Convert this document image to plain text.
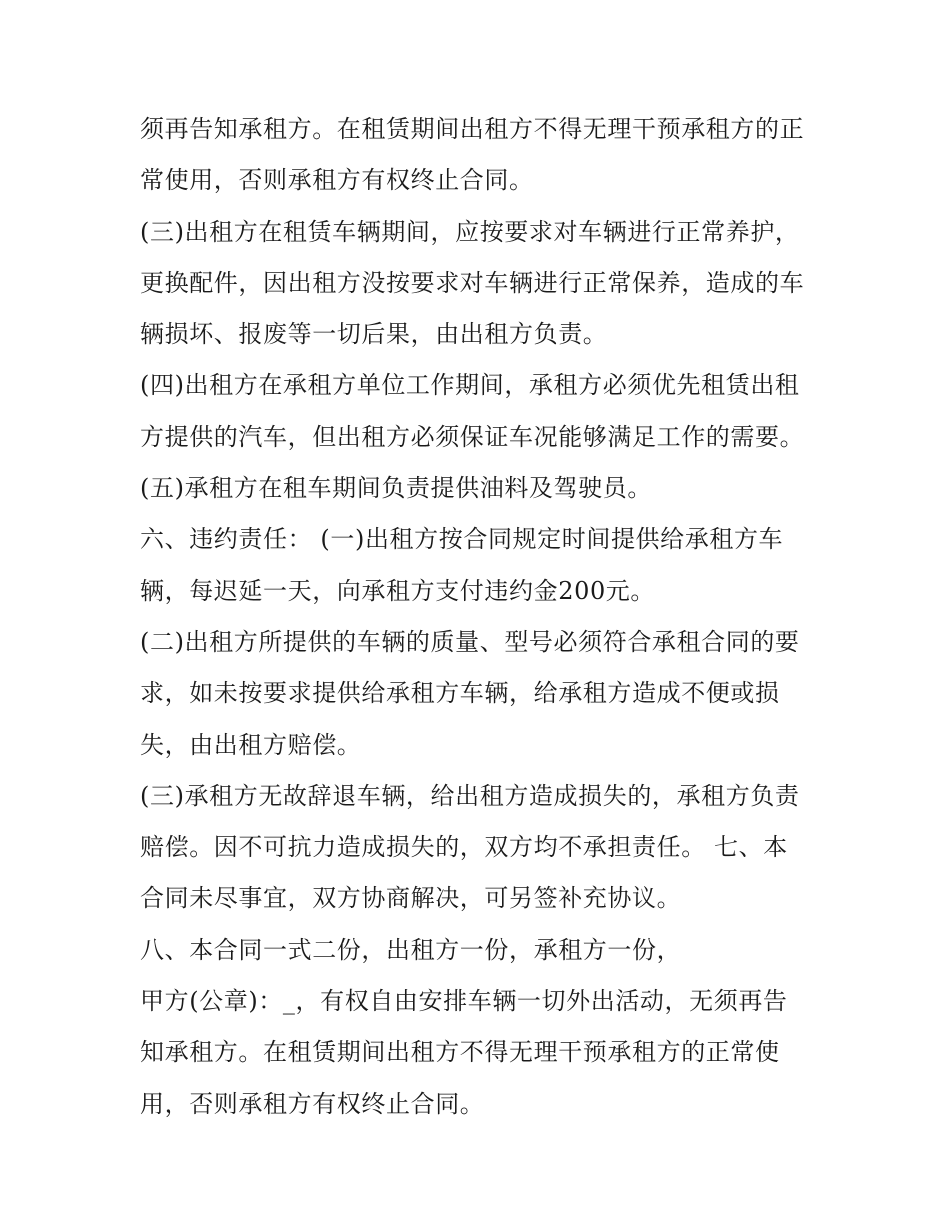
须再告知承租方。在租赁期间出租方不得无理干预承租方的正
常使用，否则承租方有权终止合同。
(三)出租方在租赁车辆期间，应按要求对车辆进行正常养护，
更换配件，因出租方没按要求对车辆进行正常保养，造成的车
辆损坏、报废等一切后果，由出租方负责。
(四)出租方在承租方单位工作期间，承租方必须优先租赁出租
方提供的汽车，但出租方必须保证车况能够满足工作的需要。
(五)承租方在租车期间负责提供油料及驾驶员。
六、违约责任： (一)出租方按合同规定时间提供给承租方车
辆，每迟延一天，向承租方支付违约金200元。
(二)出租方所提供的车辆的质量、型号必须符合承租合同的要
求，如未按要求提供给承租方车辆，给承租方造成不便或损
失，由出租方赔偿。
(三)承租方无故辞退车辆，给出租方造成损失的，承租方负责
赔偿。因不可抗力造成损失的，双方均不承担责任。 七、本
合同未尽事宜，双方协商解决，可另签补充协议。
八、本合同一式二份，出租方一份，承租方一份，
甲方(公章)：_，有权自由安排车辆一切外出活动，无须再告
知承租方。在租赁期间出租方不得无理干预承租方的正常使
用，否则承租方有权终止合同。
